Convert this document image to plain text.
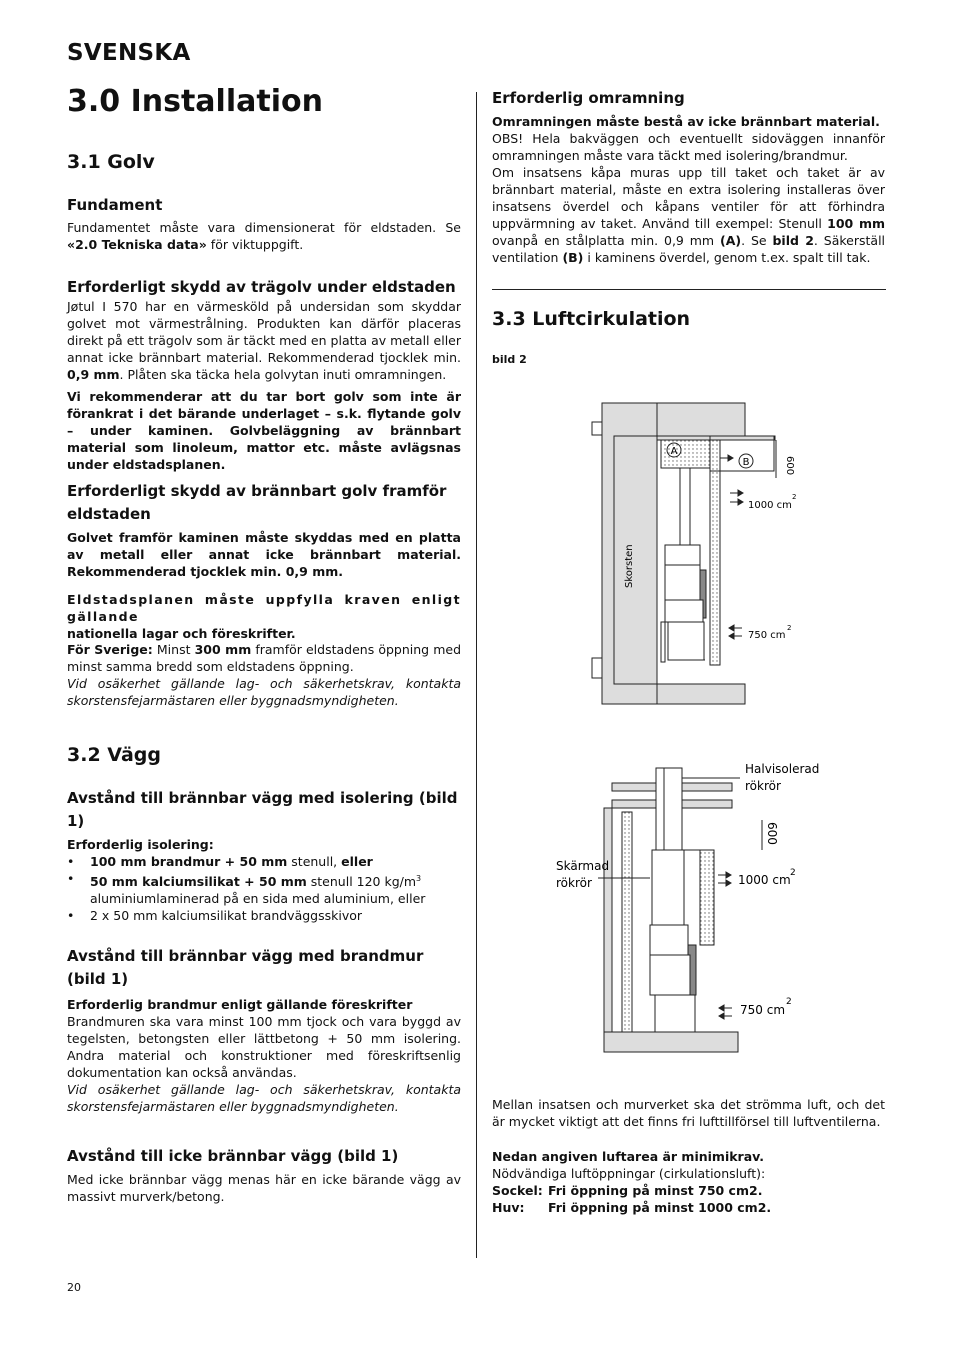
SVENSKA
3.0 Installation
3.1 Golv
Fundament
Fundamentet måste vara dimensionerat för eldstaden. Se «2.0 Tekniska data» för viktuppgift.
Erforderligt skydd av trägolv under eldstaden
Jøtul I 570 har en värmesköld på undersidan som skyddar golvet mot värmestrålning. Produkten kan därför placeras direkt på ett trägolv som är täckt med en platta av metall eller annat icke brännbart material. Rekommenderad tjocklek min. 0,9 mm. Plåten ska täcka hela golvytan inuti omramningen.
Vi rekommenderar att du tar bort golv som inte är förankrat i det bärande underlaget – s.k. flytande golv – under kaminen. Golvbeläggning av brännbart material som linoleum, mattor etc. måste avlägsnas under eldstadsplanen.
Erforderligt skydd av brännbart golv framför eldstaden
Golvet framför kaminen måste skyddas med en platta av metall eller annat icke brännbart material. Rekommenderad tjocklek min. 0,9 mm.
Eldstadsplanen måste uppfylla kraven enligt gällande
nationella lagar och föreskrifter.
För Sverige: Minst 300 mm framför eldstadens öppning med minst samma bredd som eldstadens öppning.
Vid osäkerhet gällande lag- och säkerhetskrav, kontakta skorstensfejarmästaren eller byggnadsmyndigheten.
3.2 Vägg
Avstånd till brännbar vägg med isolering (bild 1)
Erforderlig isolering:
• 100 mm brandmur + 50 mm stenull, eller
• 50 mm kalciumsilikat + 50 mm stenull 120 $kg/m^3$ aluminiumlaminerad på en sida med aluminium, eller
• 2 x 50 mm kalciumsilikat brandväggsskivor
Avstånd till brännbar vägg med brandmur (bild 1)
Erforderlig brandmur enligt gällande föreskrifter
Brandmuren ska vara minst 100 mm tjock och vara byggd av tegelsten, betongsten eller lättbetong + 50 mm isolering. Andra material och konstruktioner med föreskriftsenlig dokumentation kan också användas.
Vid osäkerhet gällande lag- och säkerhetskrav, kontakta skorstensfejarmästaren eller byggnadsmyndigheten.
Avstånd till icke brännbar vägg (bild 1)
Med icke brännbar vägg menas här en icke bärande vägg av massivt murverk/betong.
Erforderlig omramning
Omramningen måste bestå av icke brännbart material.
OBS! Hela bakväggen och eventuellt sidoväggen innanför omramningen måste vara täckt med isolering/brandmur.
Om insatsens kåpa muras upp till taket och taket är av brännbart material, måste en extra isolering installeras över insatsens överdel och kåpans ventiler för att förhindra uppvärmning av taket. Använd till exempel: Stenull 100 mm ovanpå en stålplatta min. 0,9 mm (A). Se bild 2. Säkerställ ventilation (B) i kaminens överdel, genom t.ex. spalt till tak.
3.3 Luftcirkulation
bild 2
A
B	600
1000 cm
2
750 cm
2
Skorsten
Halvisolerad
rökrör
Skärmad
rökrör
600
1000 cm 2
750 cm
2
Mellan insatsen och murverket ska det strömma luft, och det är mycket viktigt att det finns fri lufttillförsel till luftventilerna.
Nedan angiven luftarea är minimikrav.
Nödvändiga luftöppningar (cirkulationsluft):
Sockel: Fri öppning på minst 750 cm2.
Huv:	Fri öppning på minst 1000 cm2.
20
